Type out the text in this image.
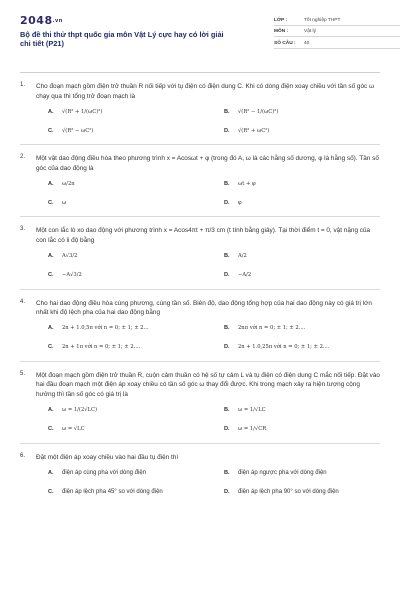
2048.vn
Bộ đề thi thử thpt quốc gia môn Vật Lý cực hay có lời giải chi tiết (P21)
LỚP :	Tốt nghiệp THPT
MÔN :	Vật lý
SỐ CÂU :	40
1. Cho đoạn mạch gồm điện trở thuần R nối tiếp với tụ điện có điện dung C. Khi có dòng điện xoay chiều với tần số góc ω chạy qua thì tổng trở đoạn mạch là
A.	√(R² + 1/(ωC)²)	B.	√(R² − 1/(ωC)²)
C.	√(R² − ωC²)	D.	√(R² + ωC²)
2. Một vật dao động điều hòa theo phương trình x = Acosωt + φ (trong đó A, ω là các hằng số dương, φ là hằng số). Tần số góc của dao động là
A.	ω/2π	B.	ωt + φ
C.	ω	D.	φ
3. Một con lắc lò xo dao động với phương trình x = Acos4πt + π/3 cm (t tính bằng giây). Tại thời điểm t = 0, vật nặng của con lắc có li độ bằng
A.	A√3/2	B.	A/2
C.	−A√3/2	D.	−A/2
4. Cho hai dao động điều hòa cùng phương, cùng tần số. Biên độ, dao động tổng hợp của hai dao động này có giá trị lớn nhất khi độ lệch pha của hai dao động bằng
A.	2n + 1.0,5π với n = 0; ± 1; ± 2...	B.	2nπ với n = 0; ± 1; ± 2....
C.	2n + 1π với n = 0; ± 1; ± 2....	D.	2n + 1.0,25π với n = 0; ± 1; ± 2....
5. Một đoạn mạch gồm điện trở thuần R, cuộn cảm thuần có hệ số tự cảm L và tụ điện có điện dung C mắc nối tiếp. Đặt vào hai đầu đoạn mạch một điện áp xoay chiều có tần số góc ω thay đổi được. Khi trong mạch xảy ra hiện tượng cộng hưởng thì tần số góc có giá trị là
A.	ω = 1/(2√LC)	B.	ω = 1/√LC
C.	ω = √LC	D.	ω = 1/√CR
6. Đặt một điện áp xoay chiều vào hai đầu tụ điện thì
A.	điện áp cùng pha với dòng điện	B.	điện áp ngược pha với dòng điện
C.	điện áp lệch pha 45° so với dòng điện	D.	điện áp lệch pha 90° so với dòng điện
